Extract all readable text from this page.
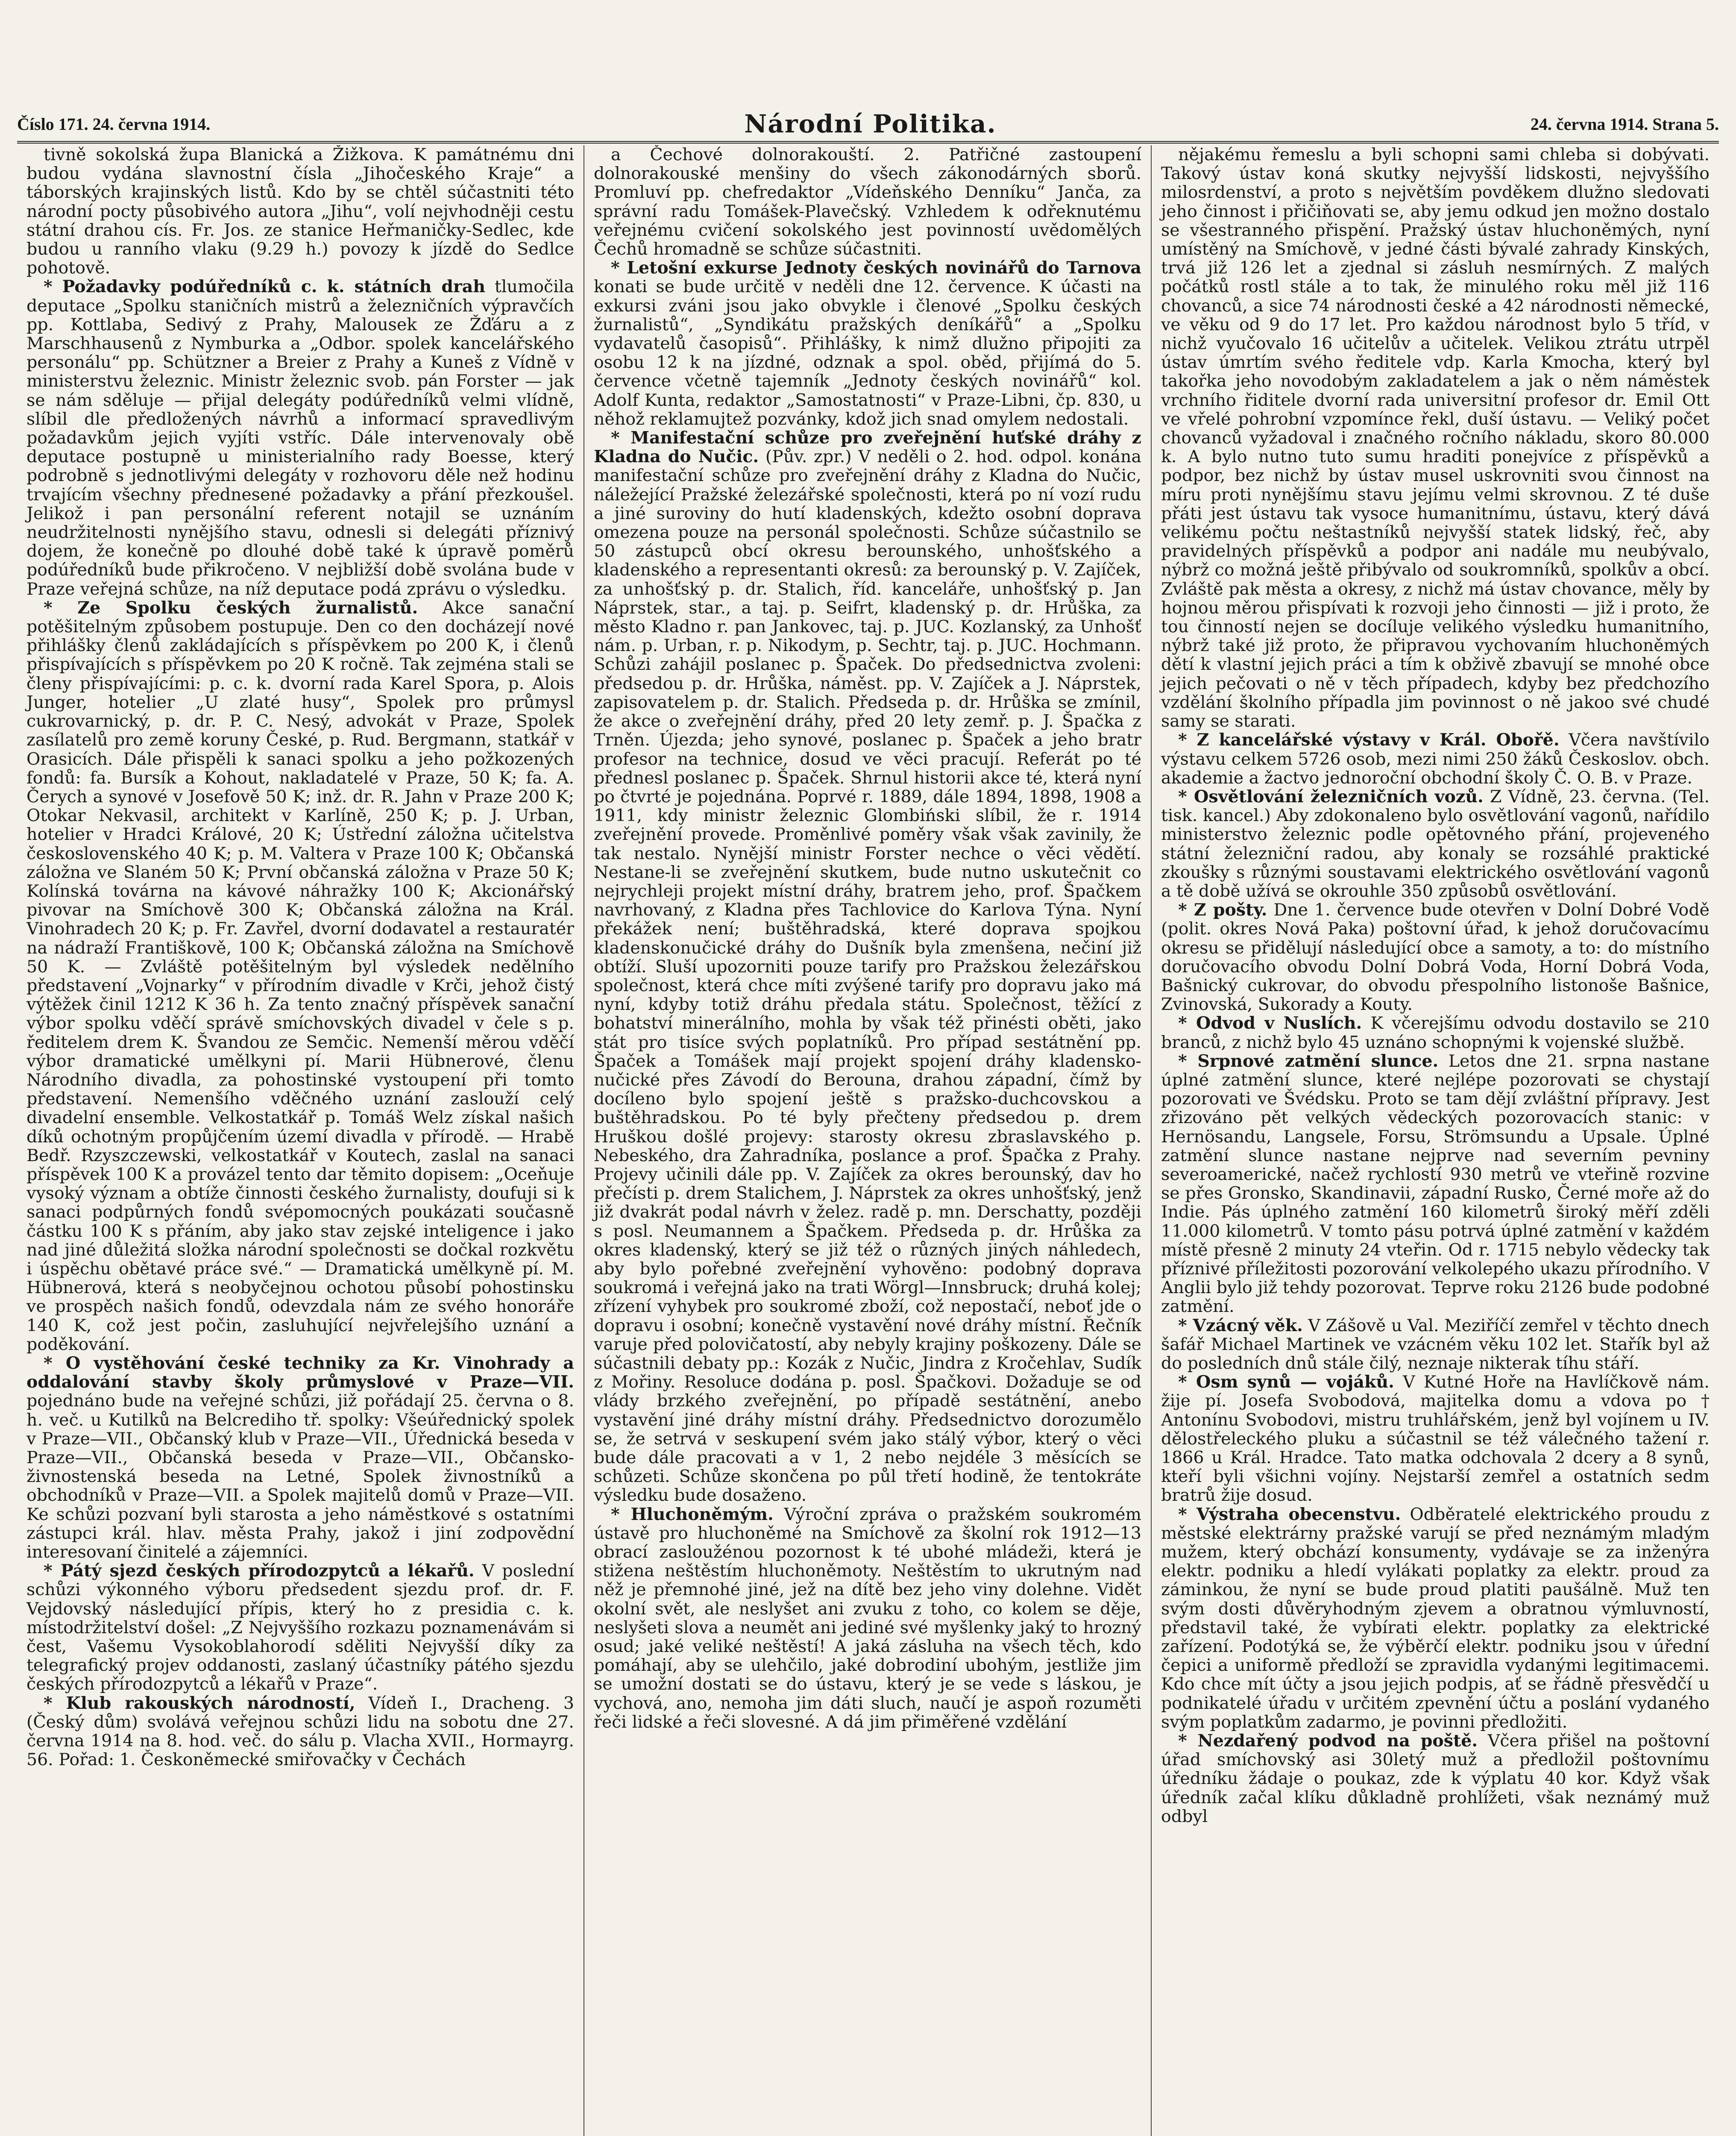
Číslo 171. 24. června 1914.	Národní Politika.	24. června 1914. Strana 5.

tivně sokolská župa Blanická a Žižkova. K památnému dni budou vydána slavnostní čísla „Jihočeského Kraje“ a táborských krajinských listů. Kdo by se chtěl súčastniti této národní pocty působivého autora „Jihu“, volí nejvhodněji cestu státní drahou cís. Fr. Jos. ze stanice Heřmaničky-Sedlec, kde budou u ranního vlaku (9.29 h.) povozy k jízdě do Sedlce pohotově.

* Požadavky podúředníků c. k. státních drah tlumočila deputace „Spolku staničních mistrů a železničních výpravčích pp. Kottlaba, Sedivý z Prahy, Malousek ze Žďáru a z Marschhausenů z Nymburka a „Odbor. spolek kancelářského personálu“ pp. Schützner a Breier z Prahy a Kuneš z Vídně v ministerstvu železnic. Ministr železnic svob. pán Forster — jak se nám sděluje — přijal delegáty podúředníků velmi vlídně, slíbil dle předložených návrhů a informací spravedlivým požadavkům jejich vyjíti vstříc. Dále intervenovaly obě deputace postupně u ministerialního rady Boesse, který podrobně s jednotlivými delegáty v rozhovoru děle než hodinu trvajícím všechny přednesené požadavky a přání přezkoušel. Jelikož i pan personální referent notajil se uznáním neudržitelnosti nynějšího stavu, odnesli si delegáti příznivý dojem, že konečně po dlouhé době také k úpravě poměrů podúředníků bude přikročeno. V nejbližší době svolána bude v Praze veřejná schůze, na níž deputace podá zprávu o výsledku.

* Ze Spolku českých žurnalistů. Akce sanační potěšitelným způsobem postupuje. Den co den docházejí nové přihlášky členů zakládajících s příspěvkem po 200 K, i členů přispívajících s příspěvkem po 20 K ročně. Tak zejména stali se členy přispívajícími: p. c. k. dvorní rada Karel Spora, p. Alois Junger, hotelier „U zlaté husy“, Spolek pro průmysl cukrovarnický, p. dr. P. C. Nesý, advokát v Praze, Spolek zasílatelů pro země koruny České, p. Rud. Bergmann, statkář v Orasicích. Dále přispěli k sanaci spolku a jeho požkozených fondů: fa. Bursík a Kohout, nakladatelé v Praze, 50 K; fa. A. Čerych a synové v Josefově 50 K; inž. dr. R. Jahn v Praze 200 K; Otokar Nekvasil, architekt v Karlíně, 250 K; p. J. Urban, hotelier v Hradci Králové, 20 K; Ústřední záložna učitelstva československého 40 K; p. M. Valtera v Praze 100 K; Občanská záložna ve Slaném 50 K; První občanská záložna v Praze 50 K; Kolínská továrna na kávové náhražky 100 K; Akcionářský pivovar na Smíchově 300 K; Občanská záložna na Král. Vinohradech 20 K; p. Fr. Zavřel, dvorní dodavatel a restauratér na nádraží Františkově, 100 K; Občanská záložna na Smíchově 50 K. — Zvláště potěšitelným byl výsledek nedělního představení „Vojnarky“ v přírodním divadle v Krči, jehož čistý výtěžek činil 1212 K 36 h. Za tento značný příspěvek sanační výbor spolku vděčí správě smíchovských divadel v čele s p. ředitelem drem K. Švandou ze Semčic. Nemenší měrou vděčí výbor dramatické umělkyni pí. Marii Hübnerové, členu Národního divadla, za pohostinské vystoupení při tomto představení. Nemenšího vděčného uznání zaslouží celý divadelní ensemble. Velkostatkář p. Tomáš Welz získal našich díků ochotným propůjčením území divadla v přírodě. — Hrabě Bedř. Rzyszczewski, velkostatkář v Koutech, zaslal na sanaci příspěvek 100 K a provázel tento dar těmito dopisem: „Oceňuje vysoký význam a obtíže činnosti českého žurnalisty, doufuji si k sanaci podpůrných fondů svépomocných poukázati současně částku 100 K s přáním, aby jako stav zejské inteligence i jako nad jiné důležitá složka národní společnosti se dočkal rozkvětu i úspěchu obětavé práce své.“ — Dramatická umělkyně pí. M. Hübnerová, která s neobyčejnou ochotou působí pohostinsku ve prospěch našich fondů, odevzdala nám ze svého honoráře 140 K, což jest počin, zasluhující nejvřelejšího uznání a poděkování.

* O vystěhování české techniky za Kr. Vinohrady a oddalování stavby školy průmyslové v Praze—VII. pojednáno bude na veřejné schůzi, již pořádají 25. června o 8. h. več. u Kutilků na Belcrediho tř. spolky: Všeúřednický spolek v Praze—VII., Občanský klub v Praze—VII., Úřednická beseda v Praze—VII., Občanská beseda v Praze—VII., Občansko-živnostenská beseda na Letné, Spolek živnostníků a obchodníků v Praze—VII. a Spolek majitelů domů v Praze—VII. Ke schůzi pozvaní byli starosta a jeho náměstkové s ostatními zástupci král. hlav. města Prahy, jakož i jiní zodpovědní interesovaní činitelé a zájemníci.

* Pátý sjezd českých přírodozpytců a lékařů. V poslední schůzi výkonného výboru předsedent sjezdu prof. dr. F. Vejdovský následující přípis, který ho z presidia c. k. místodržitelství došel: „Z Nejvyššího rozkazu poznamenávám si čest, Vašemu Vysokoblahorodí sděliti Nejvyšší díky za telegrafický projev oddanosti, zaslaný účastníky pátého sjezdu českých přírodozpytců a lékařů v Praze“.

* Klub rakouských národností, Vídeň I., Dracheng. 3 (Český dům) svolává veřejnou schůzi lidu na sobotu dne 27. června 1914 na 8. hod. več. do sálu p. Vlacha XVII., Hormayrg. 56. Pořad: 1. Českoněmecké smiřovačky v Čechách

a Čechové dolnorakouští. 2. Patřičné zastoupení dolnorakouské menšiny do všech zákonodárných sborů. Promluví pp. chefredaktor „Vídeňského Denníku“ Janča, za správní radu Tomášek-Plavečský. Vzhledem k odřeknutému veřejnému cvičení sokolského jest povinností uvědomělých Čechů hromadně se schůze súčastniti.

* Letošní exkurse Jednoty českých novinářů do Tarnova konati se bude určitě v neděli dne 12. července. K účasti na exkursi zváni jsou jako obvykle i členové „Spolku českých žurnalistů“, „Syndikátu pražských deníkářů“ a „Spolku vydavatelů časopisů“. Přihlášky, k nimž dlužno připojiti za osobu 12 k na jízdné, odznak a spol. oběd, přijímá do 5. července včetně tajemník „Jednoty českých novinářů“ kol. Adolf Kunta, redaktor „Samostatnosti“ v Praze-Libni, čp. 830, u něhož reklamujtež pozvánky, kdož jich snad omylem nedostali.

* Manifestační schůze pro zveřejnění huťské dráhy z Kladna do Nučic. (Pův. zpr.) V neděli o 2. hod. odpol. konána manifestační schůze pro zveřejnění dráhy z Kladna do Nučic, náležející Pražské železářské společnosti, která po ní vozí rudu a jiné suroviny do hutí kladenských, kdežto osobní doprava omezena pouze na personál společnosti. Schůze súčastnilo se 50 zástupců obcí okresu berounského, unhošťského a kladenského a representanti okresů: za berounský p. V. Zajíček, za unhošťský p. dr. Stalich, říd. kanceláře, unhošťský p. Jan Náprstek, star., a taj. p. Seifrt, kladenský p. dr. Hrůška, za město Kladno r. pan Jankovec, taj. p. JUC. Kozlanský, za Unhošť nám. p. Urban, r. p. Nikodym, p. Sechtr, taj. p. JUC. Hochmann. Schůzi zahájil poslanec p. Špaček. Do předsednictva zvoleni: předsedou p. dr. Hrůška, náměst. pp. V. Zajíček a J. Náprstek, zapisovatelem p. dr. Stalich. Předseda p. dr. Hrůška se zmínil, že akce o zveřejnění dráhy, před 20 lety zemř. p. J. Špačka z Trněn. Újezda; jeho synové, poslanec p. Špaček a jeho bratr profesor na technice, dosud ve věci pracují. Referát po té přednesl poslanec p. Špaček. Shrnul historii akce té, která nyní po čtvrté je pojednána. Poprvé r. 1889, dále 1894, 1898, 1908 a 1911, kdy ministr železnic Glombiński slíbil, že r. 1914 zveřejnění provede. Proměnlivé poměry však však zavinily, že tak nestalo. Nynější ministr Forster nechce o věci vědětí. Nestane-li se zveřejnění skutkem, bude nutno uskutečnit co nejrychleji projekt místní dráhy, bratrem jeho, prof. Špačkem navrhovaný, z Kladna přes Tachlovice do Karlova Týna. Nyní překážek není; buštěhradská, které doprava spojkou kladenskonučické dráhy do Dušník byla zmenšena, nečiní již obtíží. Sluší upozorniti pouze tarify pro Pražskou železářskou společnost, která chce míti zvýšené tarify pro dopravu jako má nyní, kdyby totiž dráhu předala státu. Společnost, těžící z bohatství minerálního, mohla by však též přinésti oběti, jako stát pro tisíce svých poplatníků. Pro případ sestátnění pp. Špaček a Tomášek mají projekt spojení dráhy kladensko-nučické přes Závodí do Berouna, drahou západní, čímž by docíleno bylo spojení ještě s pražsko-duchcovskou a buštěhradskou. Po té byly přečteny předsedou p. drem Hruškou došlé projevy: starosty okresu zbraslavského p. Nebeského, dra Zahradníka, poslance a prof. Špačka z Prahy. Projevy učinili dále pp. V. Zajíček za okres berounský, dav ho přečísti p. drem Stalichem, J. Náprstek za okres unhošťský, jenž již dvakrát podal návrh v želez. radě p. mn. Derschatty, později s posl. Neumannem a Špačkem. Předseda p. dr. Hrůška za okres kladenský, který se již též o různých jiných náhledech, aby bylo pořebné zveřejnění vyhověno: podobný doprava soukromá i veřejná jako na trati Wörgl—Innsbruck; druhá kolej; zřízení vyhybek pro soukromé zboží, což nepostačí, neboť jde o dopravu i osobní; konečně vystavění nové dráhy místní. Řečník varuje před polovičatostí, aby nebyly krajiny poškozeny. Dále se súčastnili debaty pp.: Kozák z Nučic, Jindra z Kročehlav, Sudík z Mořiny. Resoluce dodána p. posl. Špačkovi. Dožaduje se od vlády brzkého zveřejnění, po případě sestátnění, anebo vystavění jiné dráhy místní dráhy. Předsednictvo dorozumělo se, že setrvá v seskupení svém jako stálý výbor, který o věci bude dále pracovati a v 1, 2 nebo nejdéle 3 měsících se schůzeti. Schůze skončena po půl třetí hodině, že tentokráte výsledku bude dosaženo.

* Hluchoněmým. Výroční zpráva o pražském soukromém ústavě pro hluchoněmé na Smíchově za školní rok 1912—13 obrací zasloužénou pozornost k té ubohé mládeži, která je stižena neštěstím hluchoněmoty. Neštěstím to ukrutným nad něž je přemnohé jiné, jež na dítě bez jeho viny dolehne. Vidět okolní svět, ale neslyšet ani zvuku z toho, co kolem se děje, neslyšeti slova a neumět ani jediné své myšlenky jaký to hrozný osud; jaké veliké neštěstí! A jaká zásluha na všech těch, kdo pomáhají, aby se ulehčilo, jaké dobrodiní ubohým, jestliže jim se umožní dostati se do ústavu, který je se vede s láskou, je vychová, ano, nemoha jim dáti sluch, naučí je aspoň rozuměti řeči lidské a řeči slovesné. A dá jim přiměřené vzdělání

nějakému řemeslu a byli schopni sami chleba si dobývati. Takový ústav koná skutky nejvyšší lidskosti, nejvyššího milosrdenství, a proto s největším povděkem dlužno sledovati jeho činnost i přičiňovati se, aby jemu odkud jen možno dostalo se všestranného přispění. Pražský ústav hluchoněmých, nyní umístěný na Smíchově, v jedné části bývalé zahrady Kinských, trvá již 126 let a zjednal si zásluh nesmírných. Z malých počátků rostl stále a to tak, že minulého roku měl již 116 chovanců, a sice 74 národnosti české a 42 národnosti německé, ve věku od 9 do 17 let. Pro každou národnost bylo 5 tříd, v nichž vyučovalo 16 učitelův a učitelek. Velikou ztrátu utrpěl ústav úmrtím svého ředitele vdp. Karla Kmocha, který byl takořka jeho novodobým zakladatelem a jak o něm náměstek vrchního řiditele dvorní rada universitní profesor dr. Emil Ott ve vřelé pohrobní vzpomínce řekl, duší ústavu. — Veliký počet chovanců vyžadoval i značného ročního nákladu, skoro 80.000 k. A bylo nutno tuto sumu hraditi ponejvíce z příspěvků a podpor, bez nichž by ústav musel uskrovniti svou činnost na míru proti nynějšímu stavu jejímu velmi skrovnou. Z té duše přáti jest ústavu tak vysoce humanitnímu, ústavu, který dává velikému počtu neštastníků nejvyšší statek lidský, řeč, aby pravidelných příspěvků a podpor ani nadále mu neubývalo, nýbrž co možná ještě přibývalo od soukromníků, spolkův a obcí. Zvláště pak města a okresy, z nichž má ústav chovance, měly by hojnou měrou přispívati k rozvoji jeho činnosti — již i proto, že tou činností nejen se docíluje velikého výsledku humanitního, nýbrž také již proto, že připravou vychovaním hluchoněmých dětí k vlastní jejich práci a tím k obživě zbavují se mnohé obce jejich pečovati o ně v těch případech, kdyby bez předchozího vzdělání školního případla jim povinnost o ně jakoo své chudé samy se starati.

* Z kancelářské výstavy v Král. Obořě. Včera navštívilo výstavu celkem 5726 osob, mezi nimi 250 žáků Českoslov. obch. akademie a žactvo jednoroční obchodní školy Č. O. B. v Praze.

* Osvětlování železničních vozů. Z Vídně, 23. června. (Tel. tisk. kancel.) Aby zdokonaleno bylo osvětlování vagonů, nařídilo ministerstvo železnic podle opětovného přání, projeveného státní železniční radou, aby konaly se rozsáhlé praktické zkoušky s různými soustavami elektrického osvětlování vagonů a tě době užívá se okrouhle 350 způsobů osvětlování.

* Z pošty. Dne 1. července bude otevřen v Dolní Dobré Vodě (polit. okres Nová Paka) poštovní úřad, k jehož doručovacímu okresu se přidělují následující obce a samoty, a to: do místního doručovacího obvodu Dolní Dobrá Voda, Horní Dobrá Voda, Bašnický cukrovar, do obvodu přespolního listonoše Bašnice, Zvinovská, Sukorady a Kouty.

* Odvod v Nuslích. K včerejšímu odvodu dostavilo se 210 branců, z nichž bylo 45 uznáno schopnými k vojenské službě.

* Srpnové zatmění slunce. Letos dne 21. srpna nastane úplné zatmění slunce, které nejlépe pozorovati se chystají pozorovati ve Švédsku. Proto se tam dějí zvláštní přípravy. Jest zřizováno pět velkých vědeckých pozorovacích stanic: v Hernösandu, Langsele, Forsu, Strömsundu a Upsale. Úplné zatmění slunce nastane nejprve nad severním pevniny severoamerické, načež rychlostí 930 metrů ve vteřině rozvine se přes Gronsko, Skandinavii, západní Rusko, Černé moře až do Indie. Pás úplného zatmění 160 kilometrů široký měří zděli 11.000 kilometrů. V tomto pásu potrvá úplné zatmění v každém místě přesně 2 minuty 24 vteřin. Od r. 1715 nebylo vědecky tak příznivé příležitosti pozorování velkolepého ukazu přírodního. V Anglii bylo již tehdy pozorovat. Teprve roku 2126 bude podobné zatmění.

* Vzácný věk. V Zášově u Val. Meziříčí zemřel v těchto dnech šafář Michael Martinek ve vzácném věku 102 let. Stařík byl až do posledních dnů stále čilý, neznaje nikterak tíhu stáří.

* Osm synů — vojáků. V Kutné Hoře na Havlíčkově nám. žije pí. Josefa Svobodová, majitelka domu a vdova po † Antonínu Svobodovi, mistru truhlářském, jenž byl vojínem u IV. dělostřeleckého pluku a súčastnil se též válečného tažení r. 1866 u Král. Hradce. Tato matka odchovala 2 dcery a 8 synů, kteří byli všichni vojíny. Nejstarší zemřel a ostatních sedm bratrů žije dosud.

* Výstraha obecenstvu. Odběratelé elektrického proudu z městské elektrárny pražské varují se před neznámým mladým mužem, který obchází konsumenty, vydávaje se za inženýra elektr. podniku a hledí vylákati poplatky za elektr. proud za záminkou, že nyní se bude proud platiti paušálně. Muž ten svým dosti důvěryhodným zjevem a obratnou výmluvností, představil také, že vybírati elektr. poplatky za elektrické zařízení. Podotýká se, že výběrčí elektr. podniku jsou v úřední čepici a uniformě předloží se zpravidla vydanými legitimacemi. Kdo chce mít účty a jsou jejich podpis, ať se řádně přesvědčí u podnikatelé úřadu v určitém zpevnění účtu a poslání vydaného svým poplatkům zadarmo, je povinni předložiti.

* Nezdařený podvod na poště. Včera přišel na poštovní úřad smíchovský asi 30letý muž a předložil poštovnímu úředníku žádaje o poukaz, zde k výplatu 40 kor. Když však úředník začal klíku důkladně prohlížeti, však neznámý muž odbyl
